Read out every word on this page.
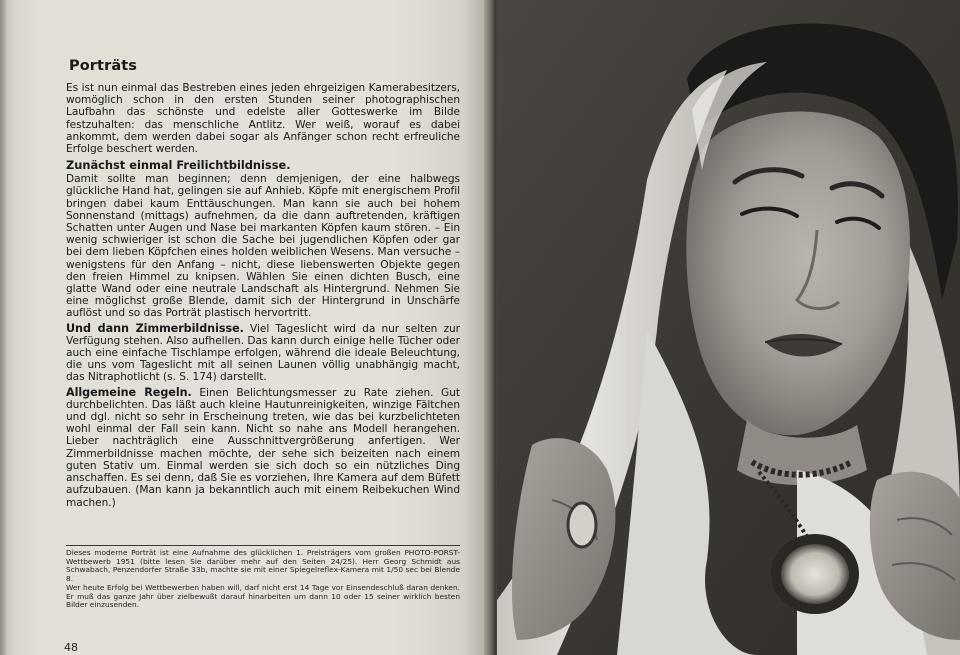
Porträts

Es ist nun einmal das Bestreben eines jeden ehrgeizigen Kamerabesitzers, womöglich schon in den ersten Stunden seiner photographischen Laufbahn das schönste und edelste aller Gotteswerke im Bilde festzuhalten: das menschliche Antlitz. Wer weiß, worauf es dabei ankommt, dem werden dabei sogar als Anfänger schon recht erfreuliche Erfolge beschert werden.

Zunächst einmal Freilichtbildnisse.

Damit sollte man beginnen; denn demjenigen, der eine halbwegs glückliche Hand hat, gelingen sie auf Anhieb. Köpfe mit energischem Profil bringen dabei kaum Enttäuschungen. Man kann sie auch bei hohem Sonnenstand (mittags) aufnehmen, da die dann auftretenden, kräftigen Schatten unter Augen und Nase bei markanten Köpfen kaum stören. – Ein wenig schwieriger ist schon die Sache bei jugendlichen Köpfen oder gar bei dem lieben Köpfchen eines holden weiblichen Wesens. Man versuche – wenigstens für den Anfang – nicht, diese liebenswerten Objekte gegen den freien Himmel zu knipsen. Wählen Sie einen dichten Busch, eine glatte Wand oder eine neutrale Landschaft als Hintergrund. Nehmen Sie eine möglichst große Blende, damit sich der Hintergrund in Unschärfe auflöst und so das Porträt plastisch hervortritt.

Und dann Zimmerbildnisse. Viel Tageslicht wird da nur selten zur Verfügung stehen. Also aufhellen. Das kann durch einige helle Tücher oder auch eine einfache Tischlampe erfolgen, während die ideale Beleuchtung, die uns vom Tageslicht mit all seinen Launen völlig unabhängig macht, das Nitraphotlicht (s. S. 174) darstellt.

Allgemeine Regeln. Einen Belichtungsmesser zu Rate ziehen. Gut durchbelichten. Das läßt auch kleine Hautunreinigkeiten, winzige Fältchen und dgl. nicht so sehr in Erscheinung treten, wie das bei kurzbelichteten wohl einmal der Fall sein kann. Nicht so nahe ans Modell herangehen. Lieber nachträglich eine Ausschnittvergrößerung anfertigen. Wer Zimmerbildnisse machen möchte, der sehe sich beizeiten nach einem guten Stativ um. Einmal werden sie sich doch so ein nützliches Ding anschaffen. Es sei denn, daß Sie es vorziehen, Ihre Kamera auf dem Büfett aufzubauen. (Man kann ja bekanntlich auch mit einem Reibekuchen Wind machen.)

Dieses moderne Porträt ist eine Aufnahme des glücklichen 1. Preisträgers vom großen PHOTO-PORST-Wettbewerb 1951 (bitte lesen Sie darüber mehr auf den Seiten 24/25). Herr Georg Schmidt aus Schwabach, Penzendorfer Straße 33b, machte sie mit einer Spiegelreflex-Kamera mit 1/50 sec bei Blende 8.

Wer heute Erfolg bei Wettbewerben haben will, darf nicht erst 14 Tage vor Einsendeschluß daran denken. Er muß das ganze Jahr über zielbewußt darauf hinarbeiten um dann 10 oder 15 seiner wirklich besten Bilder einzusenden.

48
